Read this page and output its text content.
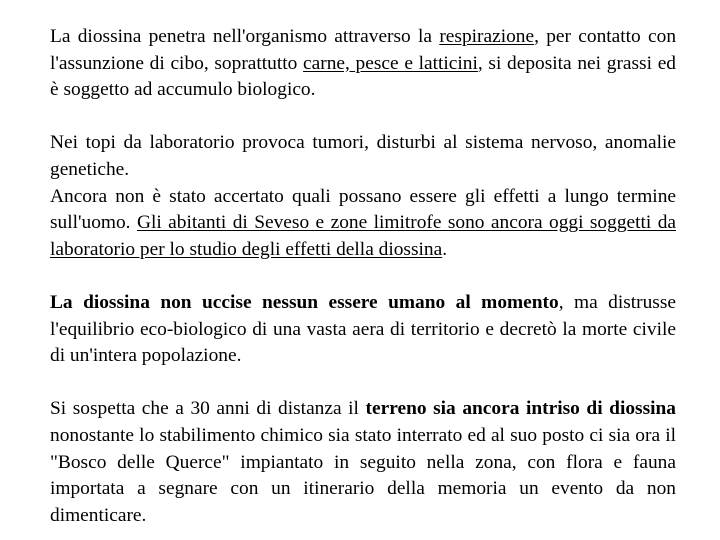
La diossina penetra nell'organismo attraverso la respirazione, per contatto con l'assunzione di cibo, soprattutto carne, pesce e latticini, si deposita nei grassi ed è soggetto ad accumulo biologico.

Nei topi da laboratorio provoca tumori, disturbi al sistema nervoso, anomalie genetiche.

Ancora non è stato accertato quali possano essere gli effetti a lungo termine sull'uomo. Gli abitanti di Seveso e zone limitrofe sono ancora oggi soggetti da laboratorio per lo studio degli effetti della diossina.

La diossina non uccise nessun essere umano al momento, ma distrusse l'equilibrio eco-biologico di una vasta aera di territorio e decretò la morte civile di un'intera popolazione.

Si sospetta che a 30 anni di distanza il terreno sia ancora intriso di diossina nonostante lo stabilimento chimico sia stato interrato ed al suo posto ci sia ora il "Bosco delle Querce" impiantato in seguito nella zona, con flora e fauna importata a segnare con un itinerario della memoria un evento da non dimenticare.
